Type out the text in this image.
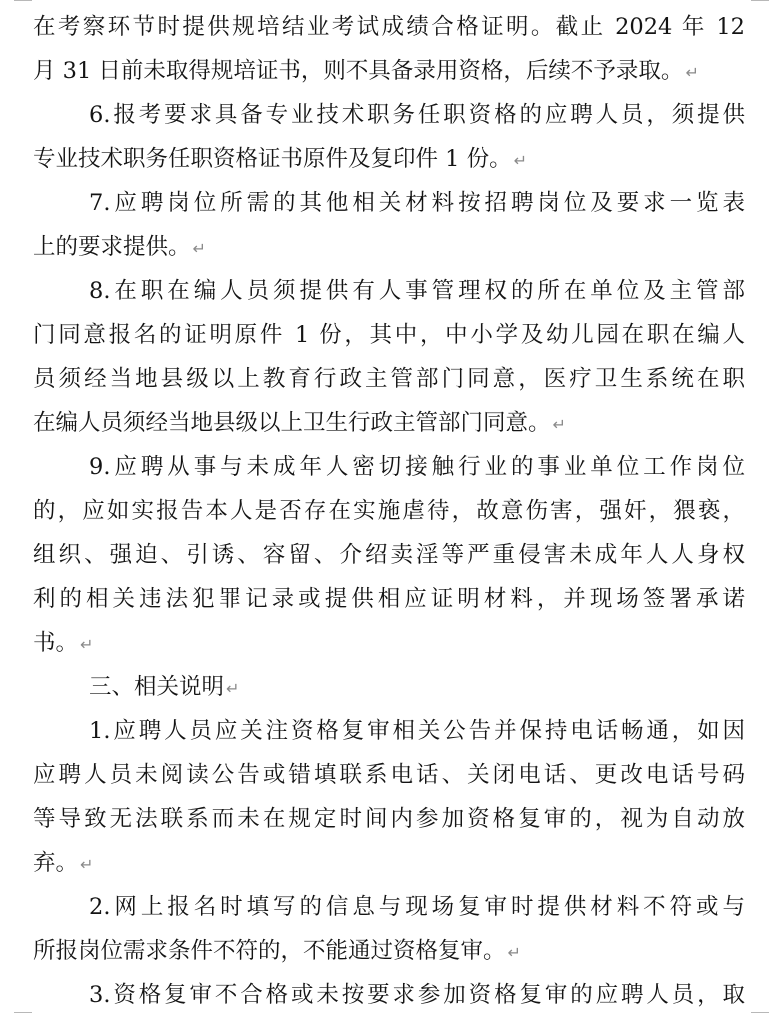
在考察环节时提供规培结业考试成绩合格证明。截止 2024 年 12
月 31 日前未取得规培证书，则不具备录用资格，后续不予录取。 ↵
6.报考要求具备专业技术职务任职资格的应聘人员，须提供
专业技术职务任职资格证书原件及复印件 1 份。 ↵
7.应聘岗位所需的其他相关材料按招聘岗位及要求一览表
上的要求提供。 ↵
8.在职在编人员须提供有人事管理权的所在单位及主管部
门同意报名的证明原件 1 份，其中，中小学及幼儿园在职在编人
员须经当地县级以上教育行政主管部门同意，医疗卫生系统在职
在编人员须经当地县级以上卫生行政主管部门同意。 ↵
9.应聘从事与未成年人密切接触行业的事业单位工作岗位
的，应如实报告本人是否存在实施虐待，故意伤害，强奸，猥亵，
组织、强迫、引诱、容留、介绍卖淫等严重侵害未成年人人身权
利的相关违法犯罪记录或提供相应证明材料，并现场签署承诺
书。 ↵
三、相关说明 ↵
1.应聘人员应关注资格复审相关公告并保持电话畅通，如因
应聘人员未阅读公告或错填联系电话、关闭电话、更改电话号码
等导致无法联系而未在规定时间内参加资格复审的，视为自动放
弃。 ↵
2.网上报名时填写的信息与现场复审时提供材料不符或与
所报岗位需求条件不符的，不能通过资格复审。 ↵
3.资格复审不合格或未按要求参加资格复审的应聘人员，取
